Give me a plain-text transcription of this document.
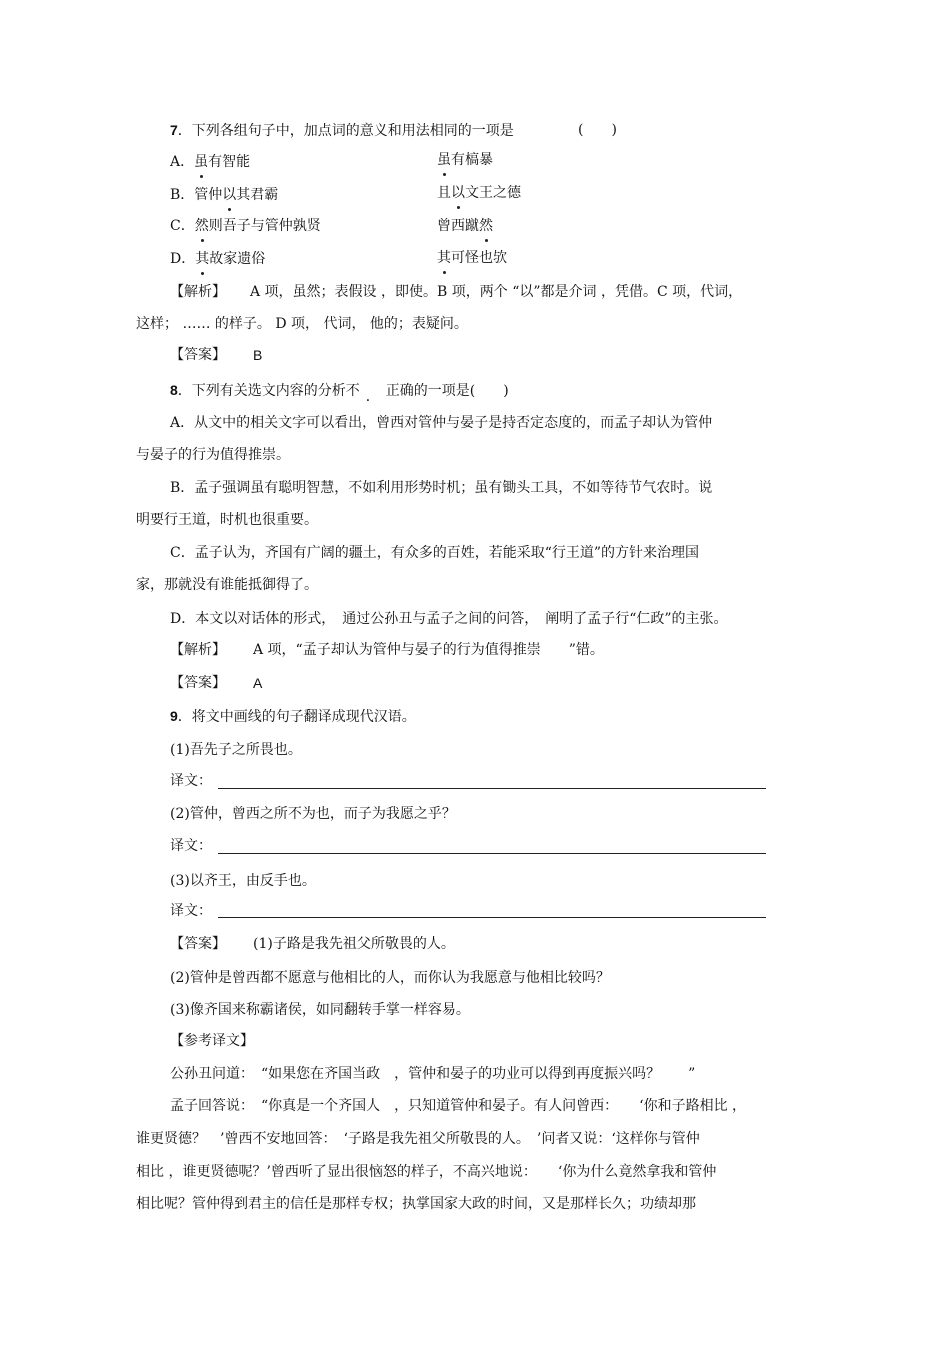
7．下列各组句子中，加点词的意义和用法相同的一项是	(　　)
A．虽有智能	虽有槁暴
B．管仲以其君霸	且以文王之德
C．然则吾子与管仲孰贤	曾西蹴然
D．其故家遗俗	其可怪也欤
【解析】 A 项，虽然；表假设 ，即使。B 项，两个 “以”都是介词 ，凭借。C 项，代词，
这样； …… 的样子。 D 项， 代词， 他的；表疑问。
【答案】 B
8．下列有关选文内容的分析不 ． 正确的一项是(　　)
A．从文中的相关文字可以看出，曾西对管仲与晏子是持否定态度的，而孟子却认为管仲
与晏子的行为值得推崇。
B．孟子强调虽有聪明智慧，不如利用形势时机；虽有锄头工具，不如等待节气农时。说
明要行王道，时机也很重要。
C．孟子认为，齐国有广阔的疆土，有众多的百姓，若能采取“行王道”的方针来治理国
家，那就没有谁能抵御得了。
D．本文以对话体的形式，　通过公孙丑与孟子之间的问答，　阐明了孟子行“仁政”的主张。
【解析】 A 项，“孟子却认为管仲与晏子的行为值得推崇　　”错。
【答案】 A
9．将文中画线的句子翻译成现代汉语。
(1)吾先子之所畏也。
译文：
(2)管仲，曾西之所不为也，而子为我愿之乎？
译文：
(3)以齐王，由反手也。
译文：
【答案】 (1)子路是我先祖父所敬畏的人。
(2)管仲是曾西都不愿意与他相比的人，而你认为我愿意与他相比较吗？
(3)像齐国来称霸诸侯，如同翻转手掌一样容易。
【参考译文】
公孙丑问道：　“如果您在齐国当政　，管仲和晏子的功业可以得到再度振兴吗？　　”
孟子回答说：　“你真是一个齐国人　，只知道管仲和晏子。有人问曾西：　　‘你和子路相比 ，
谁更贤德？　’曾西不安地回答：　‘子路是我先祖父所敬畏的人。　’问者又说：‘这样你与管仲
相比 ，谁更贤德呢？’曾西听了显出很恼怒的样子，不高兴地说：　　‘你为什么竟然拿我和管仲
相比呢？管仲得到君主的信任是那样专权；执掌国家大政的时间，又是那样长久；功绩却那
